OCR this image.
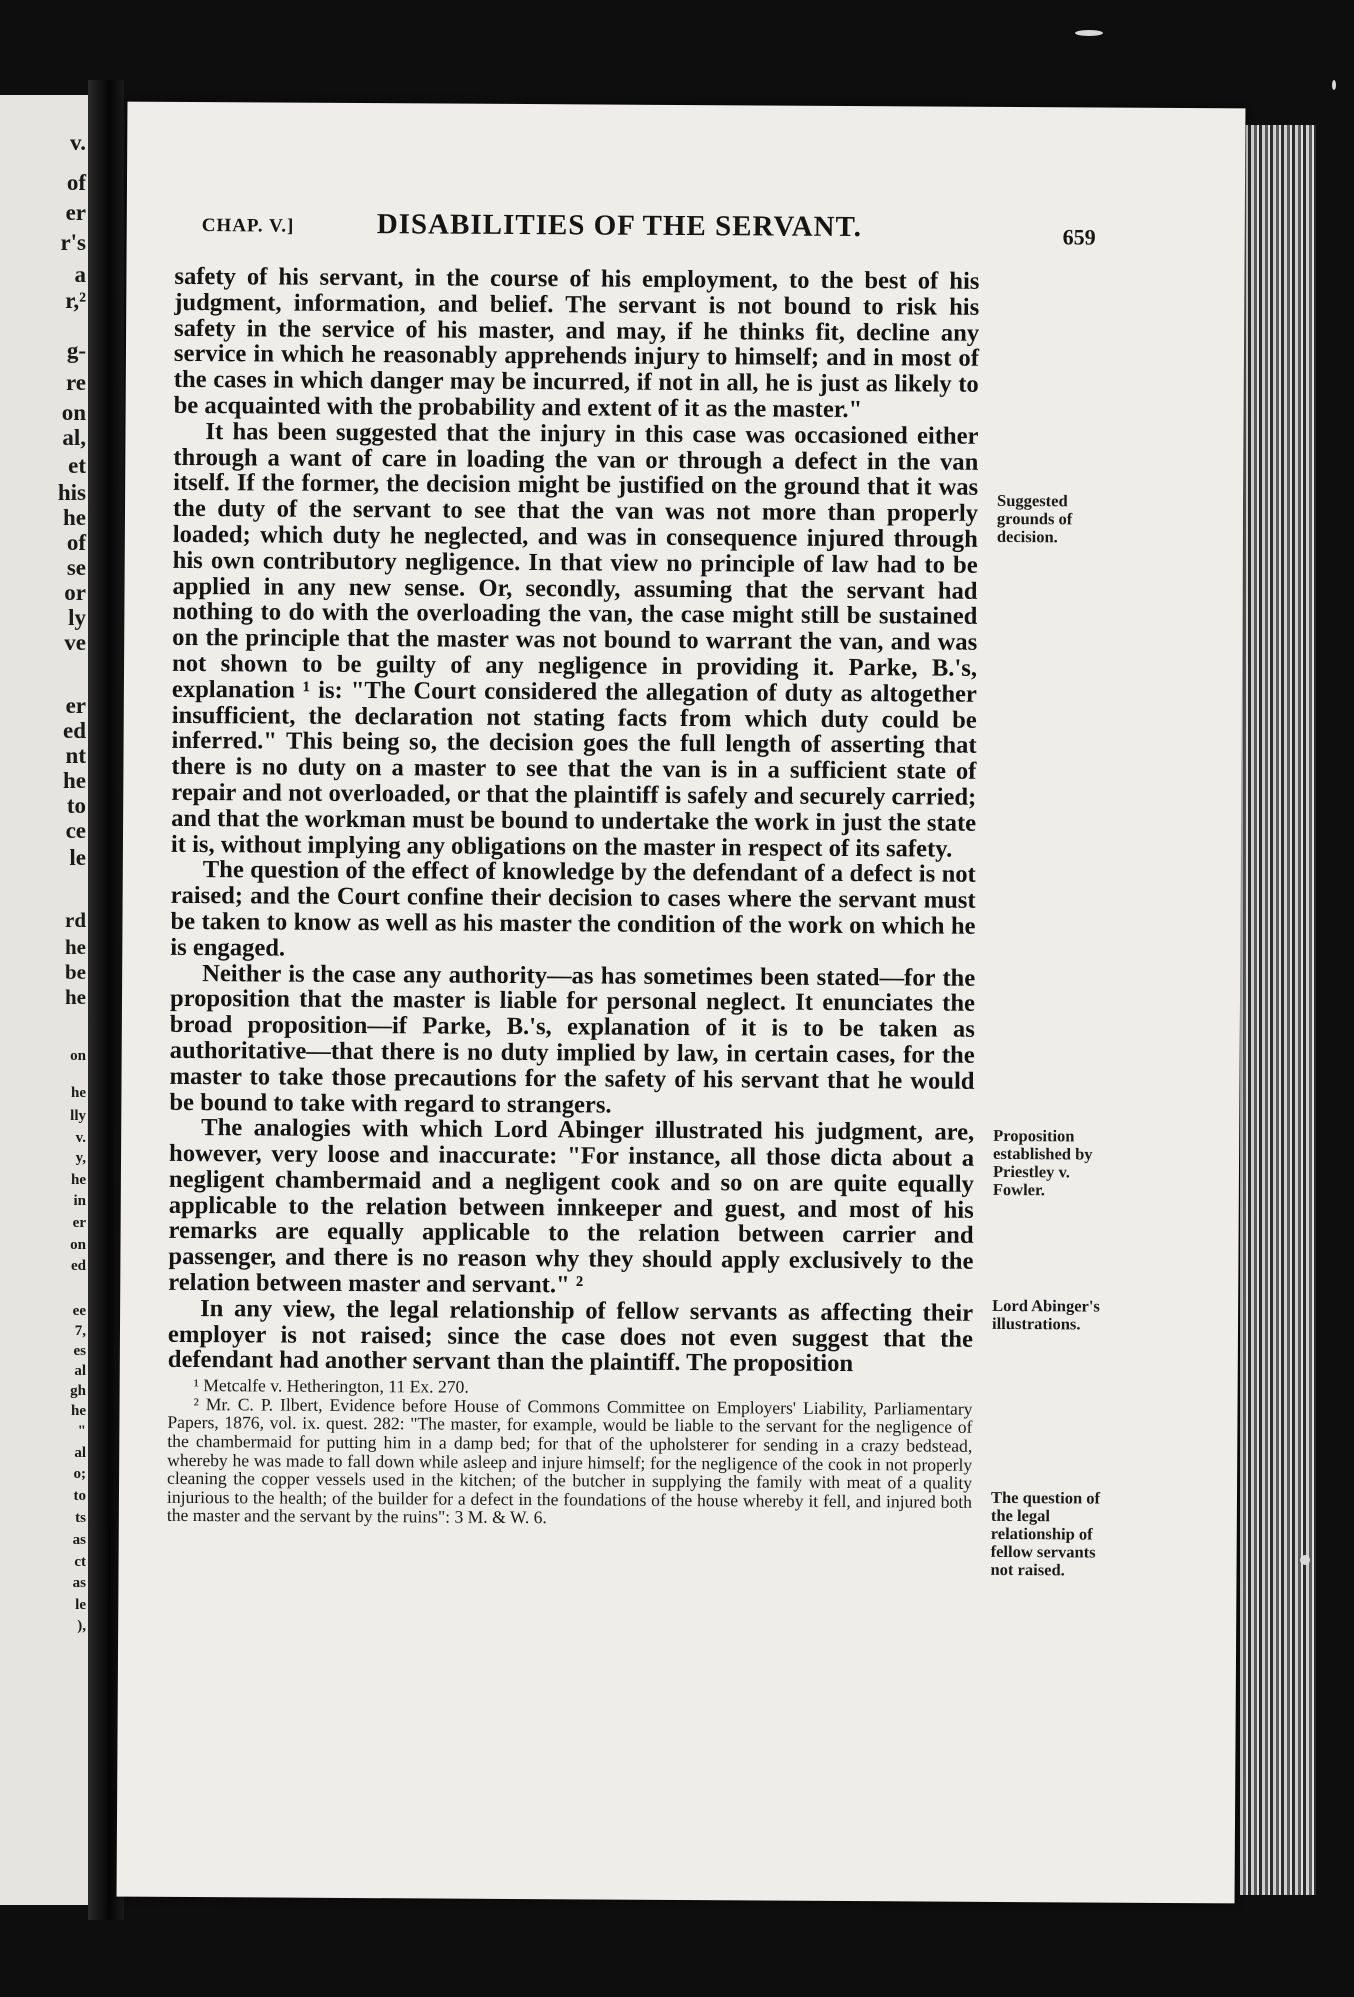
v.
of
er
r's
a
r,²
g-
re
on
al,
et
his
he
of
se
or
ly
ve
er
ed
nt
he
to
ce
le
rd
he
be
he
on
he
lly
v.
y,
he
in
er
on
ed
ee
7,
es
al
gh
he
"
al
o;
to
ts
as
ct
as
le
),
CHAP. V.]	DISABILITIES OF THE SERVANT.	659

safety of his servant, in the course of his employment, to the best of his judgment, information, and belief. The servant is not bound to risk his safety in the service of his master, and may, if he thinks fit, decline any service in which he reasonably apprehends injury to himself; and in most of the cases in which danger may be incurred, if not in all, he is just as likely to be acquainted with the probability and extent of it as the master."

It has been suggested that the injury in this case was occasioned either through a want of care in loading the van or through a defect in the van itself. If the former, the decision might be justified on the ground that it was the duty of the servant to see that the van was not more than properly loaded; which duty he neglected, and was in consequence injured through his own contributory negligence. In that view no principle of law had to be applied in any new sense. Or, secondly, assuming that the servant had nothing to do with the overloading the van, the case might still be sustained on the principle that the master was not bound to warrant the van, and was not shown to be guilty of any negligence in providing it. Parke, B.'s, explanation ¹ is: "The Court considered the allegation of duty as altogether insufficient, the declaration not stating facts from which duty could be inferred." This being so, the decision goes the full length of asserting that there is no duty on a master to see that the van is in a sufficient state of repair and not overloaded, or that the plaintiff is safely and securely carried; and that the workman must be bound to undertake the work in just the state it is, without implying any obligations on the master in respect of its safety.

The question of the effect of knowledge by the defendant of a defect is not raised; and the Court confine their decision to cases where the servant must be taken to know as well as his master the condition of the work on which he is engaged.

Neither is the case any authority—as has sometimes been stated—for the proposition that the master is liable for personal neglect. It enunciates the broad proposition—if Parke, B.'s, explanation of it is to be taken as authoritative—that there is no duty implied by law, in certain cases, for the master to take those precautions for the safety of his servant that he would be bound to take with regard to strangers.

The analogies with which Lord Abinger illustrated his judgment, are, however, very loose and inaccurate: "For instance, all those dicta about a negligent chambermaid and a negligent cook and so on are quite equally applicable to the relation between innkeeper and guest, and most of his remarks are equally applicable to the relation between carrier and passenger, and there is no reason why they should apply exclusively to the relation between master and servant." ²

In any view, the legal relationship of fellow servants as affecting their employer is not raised; since the case does not even suggest that the defendant had another servant than the plaintiff. The proposition

¹ Metcalfe v. Hetherington, 11 Ex. 270.

² Mr. C. P. Ilbert, Evidence before House of Commons Committee on Employers' Liability, Parliamentary Papers, 1876, vol. ix. quest. 282: "The master, for example, would be liable to the servant for the negligence of the chambermaid for putting him in a damp bed; for that of the upholsterer for sending in a crazy bedstead, whereby he was made to fall down while asleep and injure himself; for the negligence of the cook in not properly cleaning the copper vessels used in the kitchen; of the butcher in supplying the family with meat of a quality injurious to the health; of the builder for a defect in the foundations of the house whereby it fell, and injured both the master and the servant by the ruins": 3 M. & W. 6.

Suggested grounds of decision.
Proposition established by Priestley v. Fowler.
Lord Abinger's illustrations.
The question of the legal relationship of fellow servants not raised.
